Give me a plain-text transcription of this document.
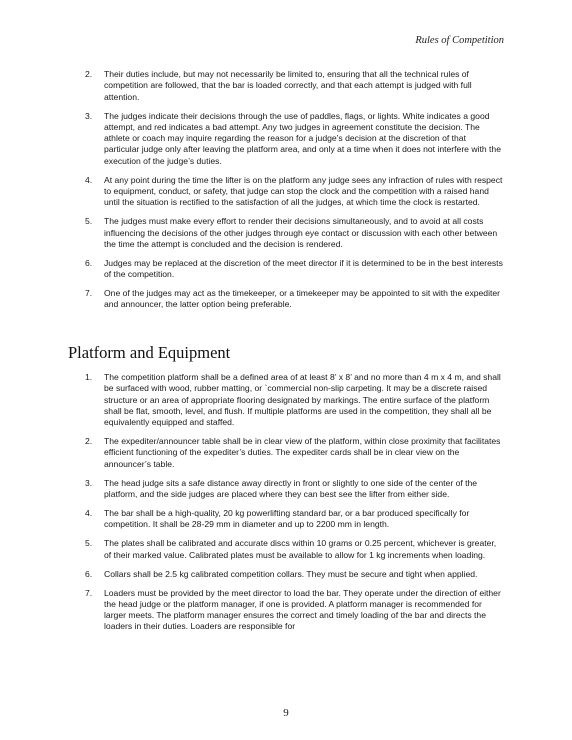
Rules of Competition
2. Their duties include, but may not necessarily be limited to, ensuring that all the technical rules of competition are followed, that the bar is loaded correctly, and that each attempt is judged with full attention.
3. The judges indicate their decisions through the use of paddles, flags, or lights. White indicates a good attempt, and red indicates a bad attempt. Any two judges in agreement constitute the decision. The athlete or coach may inquire regarding the reason for a judge’s decision at the discretion of that particular judge only after leaving the platform area, and only at a time when it does not interfere with the execution of the judge’s duties.
4. At any point during the time the lifter is on the platform any judge sees any infraction of rules with respect to equipment, conduct, or safety, that judge can stop the clock and the competition with a raised hand until the situation is rectified to the satisfaction of all the judges, at which time the clock is restarted.
5. The judges must make every effort to render their decisions simultaneously, and to avoid at all costs influencing the decisions of the other judges through eye contact or discussion with each other between the time the attempt is concluded and the decision is rendered.
6. Judges may be replaced at the discretion of the meet director if it is determined to be in the best interests of the competition.
7. One of the judges may act as the timekeeper, or a timekeeper may be appointed to sit with the expediter and announcer, the latter option being preferable.
Platform and Equipment
1. The competition platform shall be a defined area of at least 8’ x 8’ and no more than 4 m x 4 m, and shall be surfaced with wood, rubber matting, or `commercial non-slip carpeting. It may be a discrete raised structure or an area of appropriate flooring designated by markings. The entire surface of the platform shall be flat, smooth, level, and flush. If multiple platforms are used in the competition, they shall all be equivalently equipped and staffed.
2. The expediter/announcer table shall be in clear view of the platform, within close proximity that facilitates efficient functioning of the expediter’s duties. The expediter cards shall be in clear view on the announcer’s table.
3. The head judge sits a safe distance away directly in front or slightly to one side of the center of the platform, and the side judges are placed where they can best see the lifter from either side.
4. The bar shall be a high-quality, 20 kg powerlifting standard bar, or a bar produced specifically for competition. It shall be 28-29 mm in diameter and up to 2200 mm in length.
5. The plates shall be calibrated and accurate discs within 10 grams or 0.25 percent, whichever is greater, of their marked value. Calibrated plates must be available to allow for 1 kg increments when loading.
6. Collars shall be 2.5 kg calibrated competition collars. They must be secure and tight when applied.
7. Loaders must be provided by the meet director to load the bar. They operate under the direction of either the head judge or the platform manager, if one is provided. A platform manager is recommended for larger meets. The platform manager ensures the correct and timely loading of the bar and directs the loaders in their duties. Loaders are responsible for
9
